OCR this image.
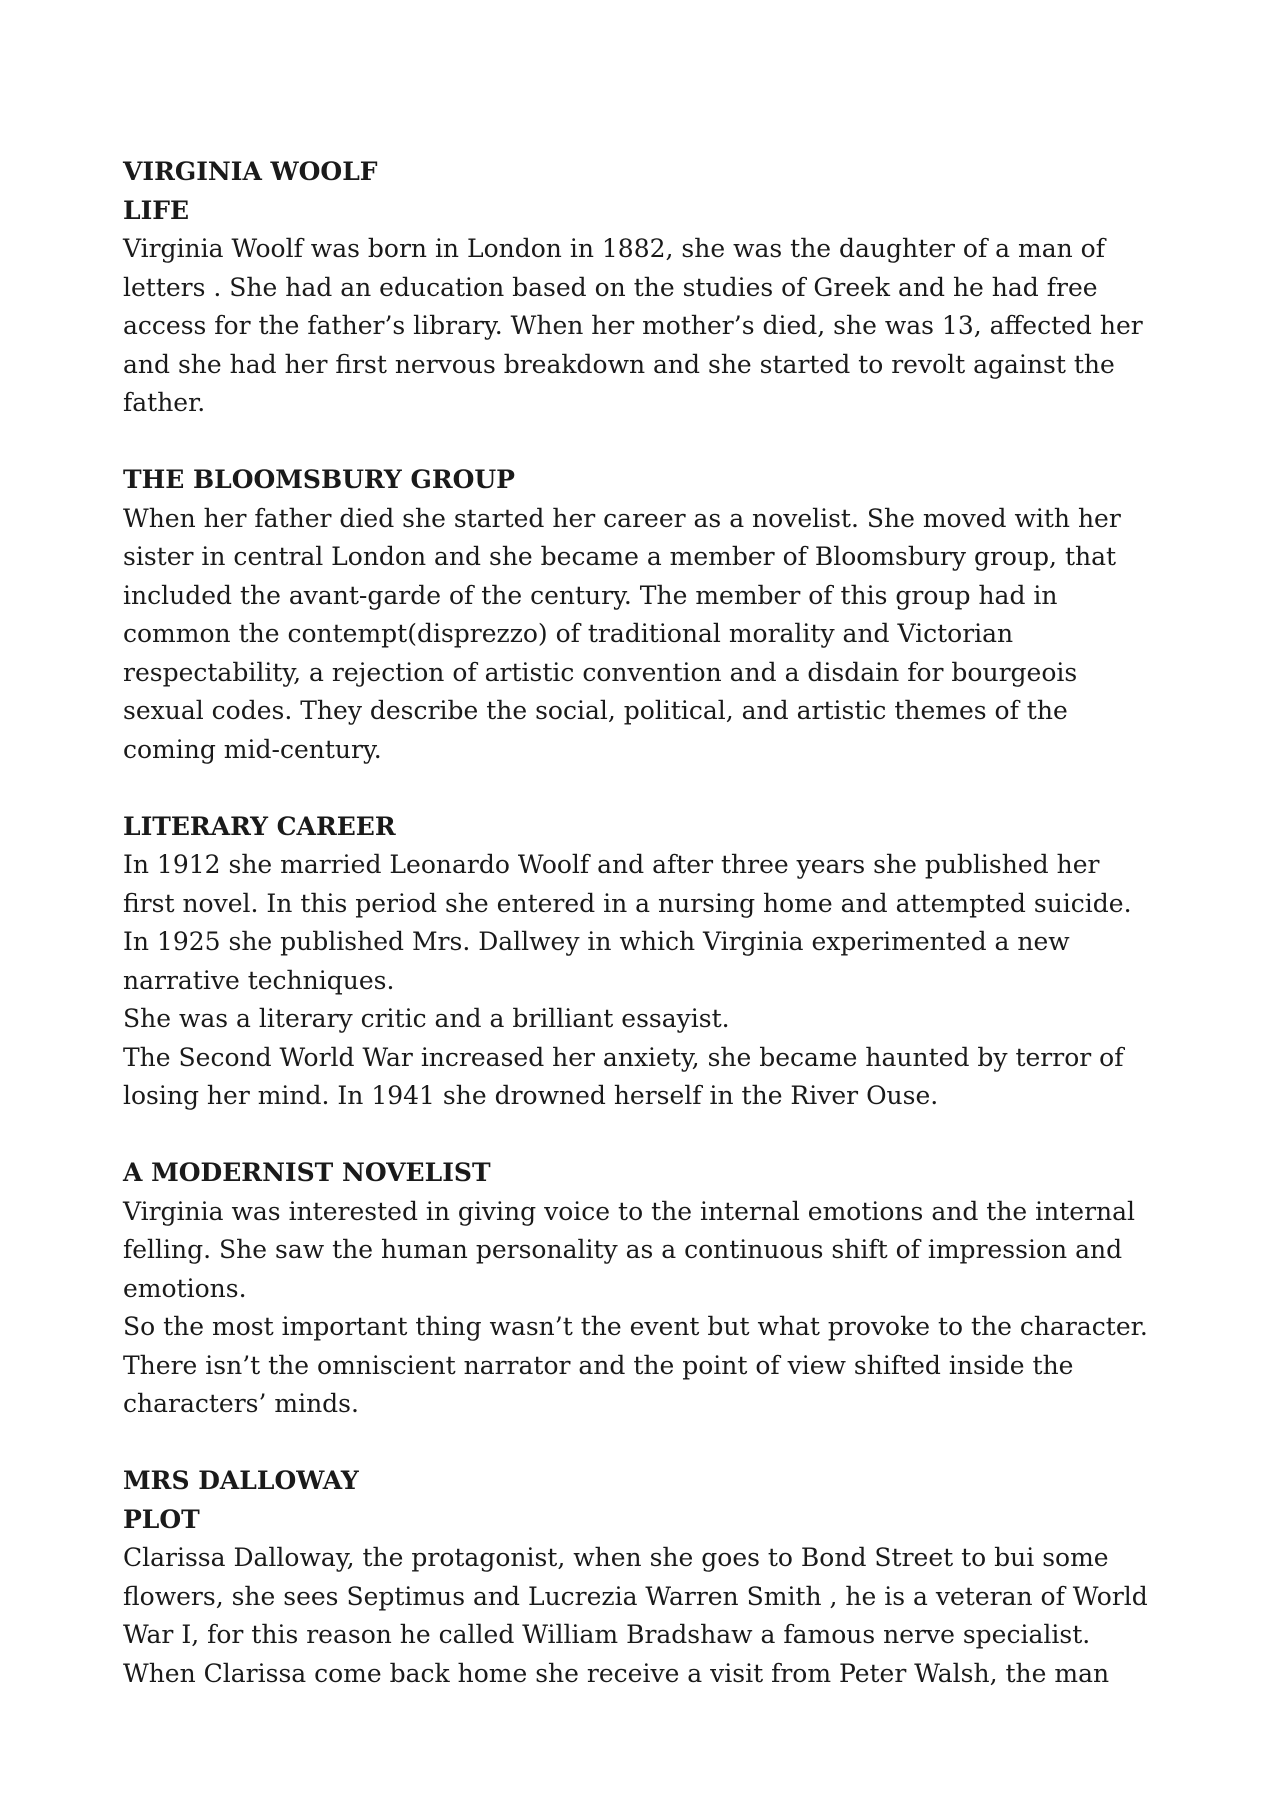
VIRGINIA WOOLF

LIFE

Virginia Woolf was born in London in 1882, she was the daughter of a man of

letters . She had an education based on the studies of Greek and he had free

access for the father’s library. When her mother’s died, she was 13, affected her

and she had her first nervous breakdown and she started to revolt against the

father.

THE BLOOMSBURY GROUP

When her father died she started her career as a novelist. She moved with her

sister in central London and she became a member of Bloomsbury group, that

included the avant-garde of the century. The member of this group had in

common the contempt(disprezzo) of traditional morality and Victorian

respectability, a rejection of artistic convention and a disdain for bourgeois

sexual codes. They describe the social, political, and artistic themes of the

coming mid-century.

LITERARY CAREER

In 1912 she married Leonardo Woolf and after three years she published her

first novel. In this period she entered in a nursing home and attempted suicide.

In 1925 she published Mrs. Dallwey in which Virginia experimented a new

narrative techniques.

She was a literary critic and a brilliant essayist.

The Second World War increased her anxiety, she became haunted by terror of

losing her mind. In 1941 she drowned herself in the River Ouse.

A MODERNIST NOVELIST

Virginia was interested in giving voice to the internal emotions and the internal

felling. She saw the human personality as a continuous shift of impression and

emotions.

So the most important thing wasn’t the event but what provoke to the character.

There isn’t the omniscient narrator and the point of view shifted inside the

characters’ minds.

MRS DALLOWAY

PLOT

Clarissa Dalloway, the protagonist, when she goes to Bond Street to bui some

flowers, she sees Septimus and Lucrezia Warren Smith , he is a veteran of World

War I, for this reason he called William Bradshaw a famous nerve specialist.

When Clarissa come back home she receive a visit from Peter Walsh, the man
